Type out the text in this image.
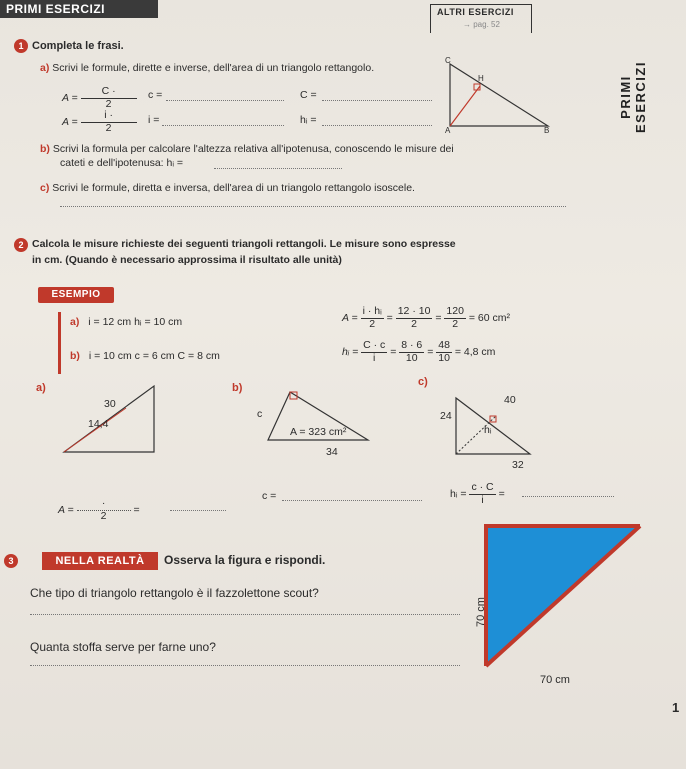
PRIMI ESERCIZI	ALTRI ESERCIZI
→ pag. 52
PRIMI ESERCIZI
1 Completa le frasi.
a) Scrivi le formule, dirette e inverse, dell'area di un triangolo rettangolo.
$A = \frac{C \cdot}{2}$ c =	C =
$A = \frac{i \cdot}{2}$ i =	hᵢ =
C
H
A	B
b) Scrivi la formula per calcolare l'altezza relativa all'ipotenusa, conoscendo le misure dei
cateti e dell'ipotenusa: hᵢ =
c) Scrivi le formule, diretta e inversa, dell'area di un triangolo rettangolo isoscele.
2 Calcola le misure richieste dei seguenti triangoli rettangoli. Le misure sono espresse
in cm. (Quando è necessario approssima il risultato alle unità)
ESEMPIO
a) i = 12 cm hᵢ = 10 cm	$A = \frac{\text{i · hᵢ}}{2} = \frac{12 \cdot 10}{2} = \frac{120}{2} = 60$ cm²
b) i = 10 cm c = 6 cm C = 8 cm	hᵢ = $\frac{C \cdot c}{i} = \frac{8 \cdot 6}{10} = \frac{48}{10} = 4,8$ cm
a)
30
14,4
b)
c
A = 323 cm²
34
c)
40
24
hᵢ
32
$A = \frac{\cdot}{2}$ =
c =	hᵢ = $\frac{c \cdot C}{i}$ =
3	NELLA REALTÀ	Osserva la figura e rispondi.
Che tipo di triangolo rettangolo è il fazzolettone scout?
Quanta stoffa serve per farne uno?
70 cm
70 cm
1
